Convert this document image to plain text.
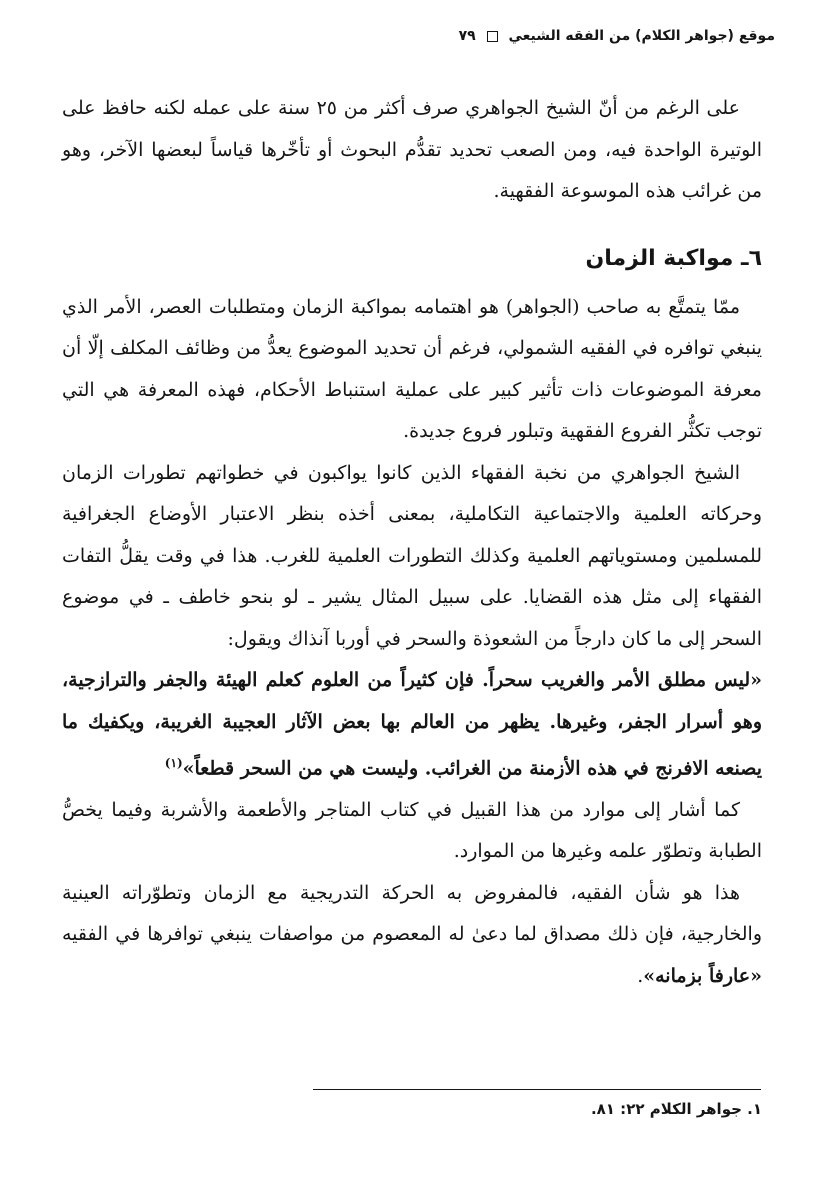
موقع (جواهر الكلام) من الفقه الشيعي  ٧٩

على الرغم من أنّ الشيخ الجواهري صرف أكثر من ٢٥ سنة على عمله لكنه حافظ على الوتيرة الواحدة فيه، ومن الصعب تحديد تقدُّم البحوث أو تأخّرها قياساً لبعضها الآخر، وهو من غرائب هذه الموسوعة الفقهية.

٦ـ مواكبة الزمان

ممّا يتمتَّع به صاحب (الجواهر) هو اهتمامه بمواكبة الزمان ومتطلبات العصر، الأمر الذي ينبغي توافره في الفقيه الشمولي، فرغم أن تحديد الموضوع يعدُّ من وظائف المكلف إلّا أن معرفة الموضوعات ذات تأثير كبير على عملية استنباط الأحكام، فهذه المعرفة هي التي توجب تكثُّر الفروع الفقهية وتبلور فروع جديدة.

الشيخ الجواهري من نخبة الفقهاء الذين كانوا يواكبون في خطواتهم تطورات الزمان وحركاته العلمية والاجتماعية التكاملية، بمعنى أخذه بنظر الاعتبار الأوضاع الجغرافية للمسلمين ومستوياتهم العلمية وكذلك التطورات العلمية للغرب. هذا في وقت يقلُّ التفات الفقهاء إلى مثل هذه القضايا. على سبيل المثال يشير ـ لو بنحو خاطف ـ في موضوع السحر إلى ما كان دارجاً من الشعوذة والسحر في أوربا آنذاك ويقول:

«ليس مطلق الأمر والغريب سحراً. فإن كثيراً من العلوم كعلم الهيئة والجفر والترازجية، وهو أسرار الجفر، وغيرها. يظهر من العالم بها بعض الآثار العجيبة الغريبة، ويكفيك ما يصنعه الافرنج في هذه الأزمنة من الغرائب. وليست هي من السحر قطعاً»$^{(١)}$

كما أشار إلى موارد من هذا القبيل في كتاب المتاجر والأطعمة والأشربة وفيما يخصُّ الطبابة وتطوّر علمه وغيرها من الموارد.

هذا هو شأن الفقيه، فالمفروض به الحركة التدريجية مع الزمان وتطوّراته العينية والخارجية، فإن ذلك مصداق لما دعىٰ له المعصوم من مواصفات ينبغي توافرها في الفقيه «عارفاً بزمانه».

١. جواهر الكلام ٢٢: ٨١.
